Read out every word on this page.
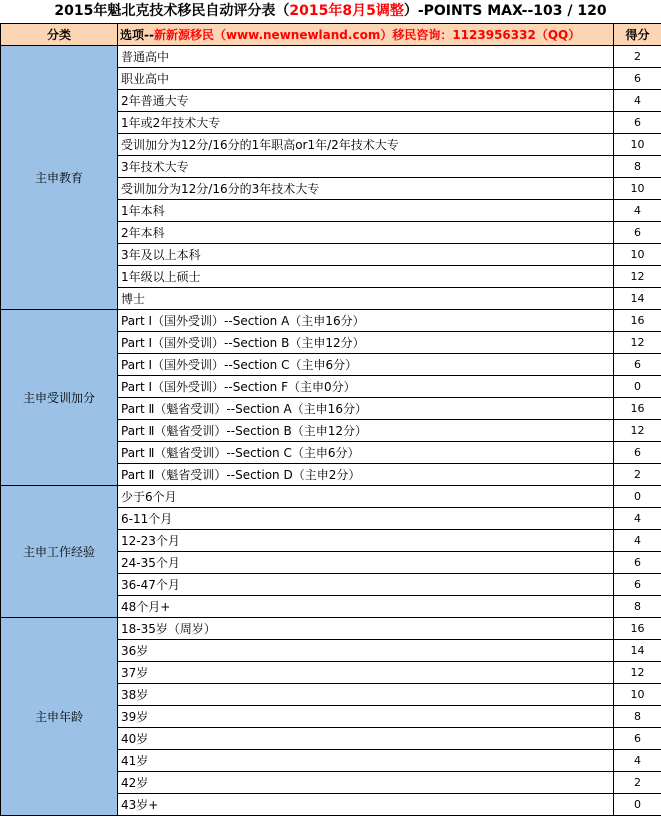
2015年魁北克技术移民自动评分表（2015年8月5调整）-POINTS MAX--103 / 120
分类	选项--新新源移民（www.newnewland.com）移民咨询：1123956332（QQ）	得分
主申教育	普通高中	2
	职业高中	6
	2年普通大专	4
	1年或2年技术大专	6
	受训加分为12分/16分的1年职高or1年/2年技术大专	10
	3年技术大专	8
	受训加分为12分/16分的3年技术大专	10
	1年本科	4
	2年本科	6
	3年及以上本科	10
	1年级以上硕士	12
	博士	14
主申受训加分	Part Ⅰ（国外受训）--Section A（主申16分）	16
	Part Ⅰ（国外受训）--Section B（主申12分）	12
	Part Ⅰ（国外受训）--Section C（主申6分）	6
	Part Ⅰ（国外受训）--Section F（主申0分）	0
	Part Ⅱ（魁省受训）--Section A（主申16分）	16
	Part Ⅱ（魁省受训）--Section B（主申12分）	12
	Part Ⅱ（魁省受训）--Section C（主申6分）	6
	Part Ⅱ（魁省受训）--Section D（主申2分）	2
主申工作经验	少于6个月	0
	6-11个月	4
	12-23个月	4
	24-35个月	6
	36-47个月	6
	48个月+	8
主申年龄	18-35岁（周岁）	16
	36岁	14
	37岁	12
	38岁	10
	39岁	8
	40岁	6
	41岁	4
	42岁	2
	43岁+	0
